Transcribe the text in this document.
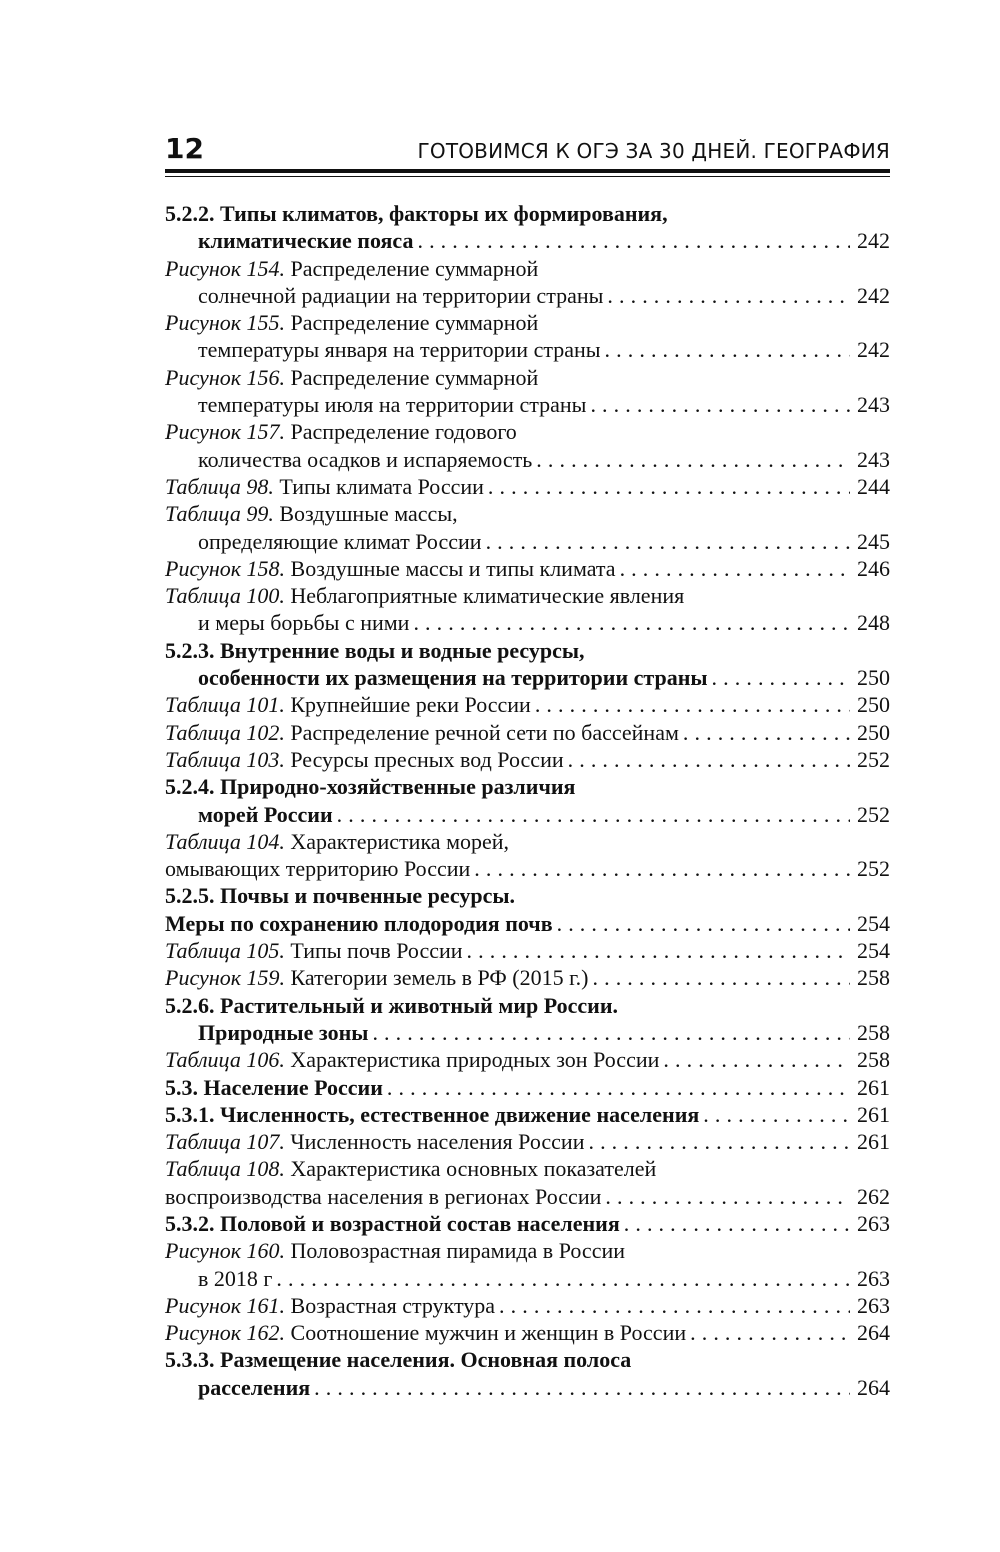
12	ГОТОВИМСЯ К ОГЭ ЗА 30 ДНЕЙ. ГЕОГРАФИЯ
5.2.2. Типы климатов, факторы их формирования,
климатические пояса . . .	242
Рисунок 154. Распределение суммарной
солнечной радиации на территории страны . . .	242
Рисунок 155. Распределение суммарной
температуры января на территории страны . . .	242
Рисунок 156. Распределение суммарной
температуры июля на территории страны . . .	243
Рисунок 157. Распределение годового
количества осадков и испаряемость . . .	243
Таблица 98. Типы климата России . . .	244
Таблица 99. Воздушные массы,
определяющие климат России . . .	245
Рисунок 158. Воздушные массы и типы климата . . .	246
Таблица 100. Неблагоприятные климатические явления
и меры борьбы с ними . . .	248
5.2.3. Внутренние воды и водные ресурсы,
особенности их размещения на территории страны . . .	250
Таблица 101. Крупнейшие реки России . . .	250
Таблица 102. Распределение речной сети по бассейнам . . .	250
Таблица 103. Ресурсы пресных вод России . . .	252
5.2.4. Природно-хозяйственные различия
морей России . . .	252
Таблица 104. Характеристика морей,
омывающих территорию России . . .	252
5.2.5. Почвы и почвенные ресурсы.
Меры по сохранению плодородия почв . . .	254
Таблица 105. Типы почв России . . .	254
Рисунок 159. Категории земель в РФ (2015 г.) . . .	258
5.2.6. Растительный и животный мир России.
Природные зоны . . .	258
Таблица 106. Характеристика природных зон России . . .	258
5.3. Население России . . .	261
5.3.1. Численность, естественное движение населения . . .	261
Таблица 107. Численность населения России . . .	261
Таблица 108. Характеристика основных показателей
воспроизводства населения в регионах России . . .	262
5.3.2. Половой и возрастной состав населения . . .	263
Рисунок 160. Половозрастная пирамида в России
в 2018 г . . .	263
Рисунок 161. Возрастная структура . . .	263
Рисунок 162. Соотношение мужчин и женщин в России . . .	264
5.3.3. Размещение населения. Основная полоса
расселения . . .	264
